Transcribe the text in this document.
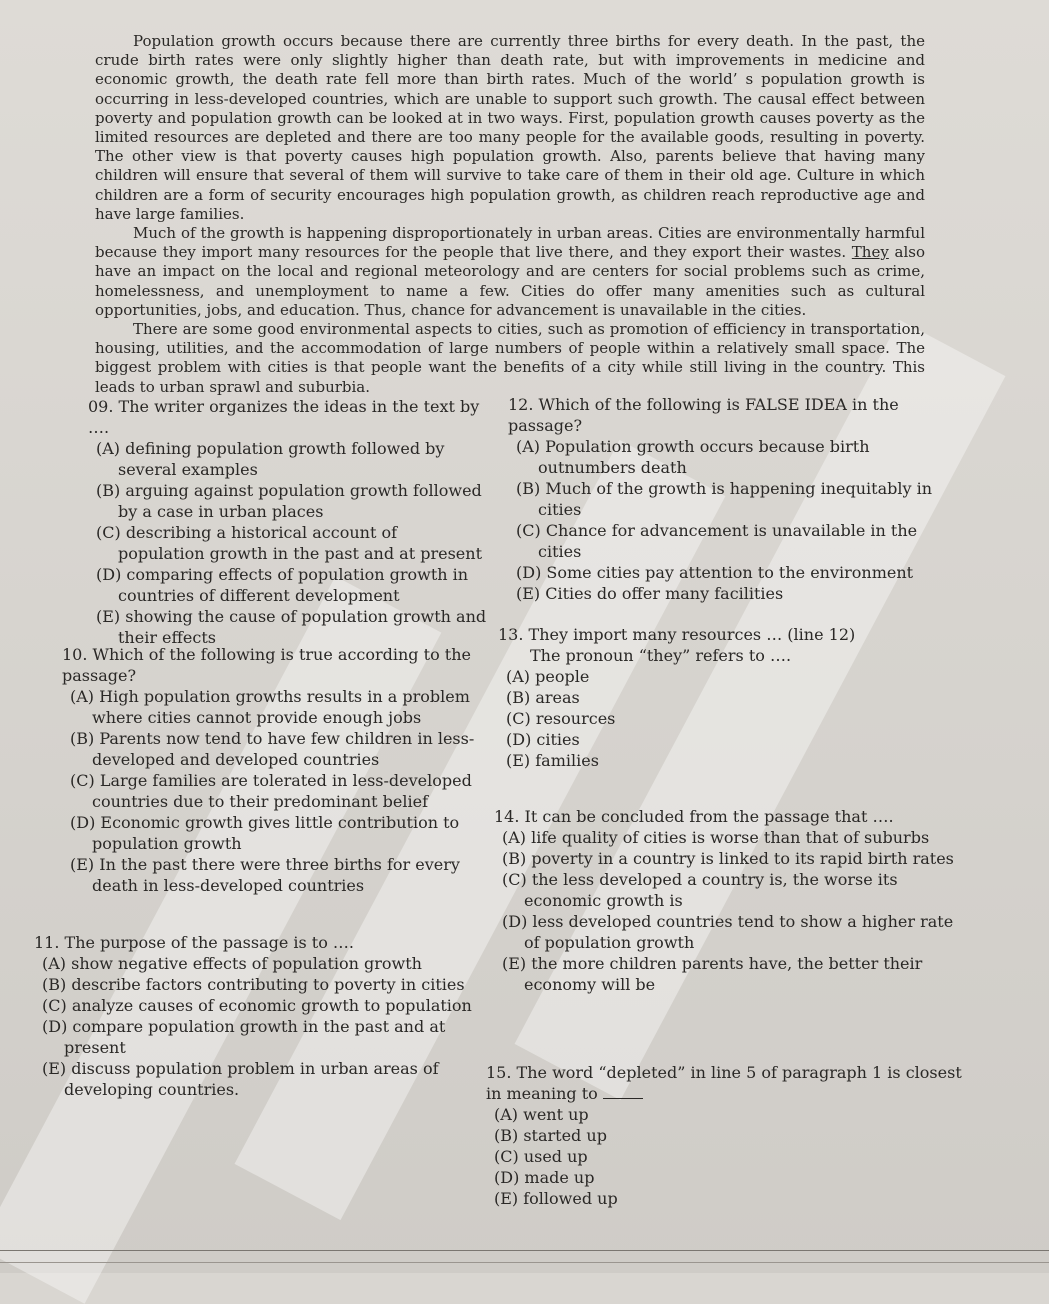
Population growth occurs because there are currently three births for every death. In the past, the crude birth rates were only slightly higher than death rate, but with improvements in medicine and economic growth, the death rate fell more than birth rates. Much of the world’ s population growth is occurring in less-developed countries, which are unable to support such growth. The causal effect between poverty and population growth can be looked at in two ways. First, population growth causes poverty as the limited resources are depleted and there are too many people for the available goods, resulting in poverty. The other view is that poverty causes high population growth. Also, parents believe that having many children will ensure that several of them will survive to take care of them in their old age. Culture in which children are a form of security encourages high population growth, as children reach reproductive age and have large families.

Much of the growth is happening disproportionately in urban areas. Cities are environmentally harmful because they import many resources for the people that live there, and they export their wastes. They also have an impact on the local and regional meteorology and are centers for social problems such as crime, homelessness, and unemployment to name a few. Cities do offer many amenities such as cultural opportunities, jobs, and education. Thus, chance for advancement is unavailable in the cities.

There are some good environmental aspects to cities, such as promotion of efficiency in transportation, housing, utilities, and the accommodation of large numbers of people within a relatively small space. The biggest problem with cities is that people want the benefits of a city while still living in the country. This leads to urban sprawl and suburbia.

09. The writer organizes the ideas in the text by ….
(A) defining population growth followed by several examples
(B) arguing against population growth followed by a case in urban places
(C) describing a historical account of population growth in the past and at present
(D) comparing effects of population growth in countries of different development
(E) showing the cause of population growth and their effects
10. Which of the following is true according to the passage?
(A) High population growths results in a problem where cities cannot provide enough jobs
(B) Parents now tend to have few children in less-developed and developed countries
(C) Large families are tolerated in less-developed countries due to their predominant belief
(D) Economic growth gives little contribution to population growth
(E) In the past there were three births for every death in less-developed countries
11. The purpose of the passage is to ….
(A) show negative effects of population growth
(B) describe factors contributing to poverty in cities
(C) analyze causes of economic growth to population
(D) compare population growth in the past and at present
(E) discuss population problem in urban areas of developing countries.
12. Which of the following is FALSE IDEA in the passage?
(A) Population growth occurs because birth outnumbers death
(B) Much of the growth is happening inequitably in cities
(C) Chance for advancement is unavailable in the cities
(D) Some cities pay attention to the environment
(E) Cities do offer many facilities
13. They import many resources … (line 12)
The pronoun “they” refers to ….
(A) people
(B) areas
(C) resources
(D) cities
(E) families
14. It can be concluded from the passage that ….
(A) life quality of cities is worse than that of suburbs
(B) poverty in a country is linked to its rapid birth rates
(C) the less developed a country is, the worse its economic growth is
(D) less developed countries tend to show a higher rate of population growth
(E) the more children parents have, the better their economy will be
15. The word “depleted” in line 5 of paragraph 1 is closest in meaning to
(A) went up
(B) started up
(C) used up
(D) made up
(E) followed up
